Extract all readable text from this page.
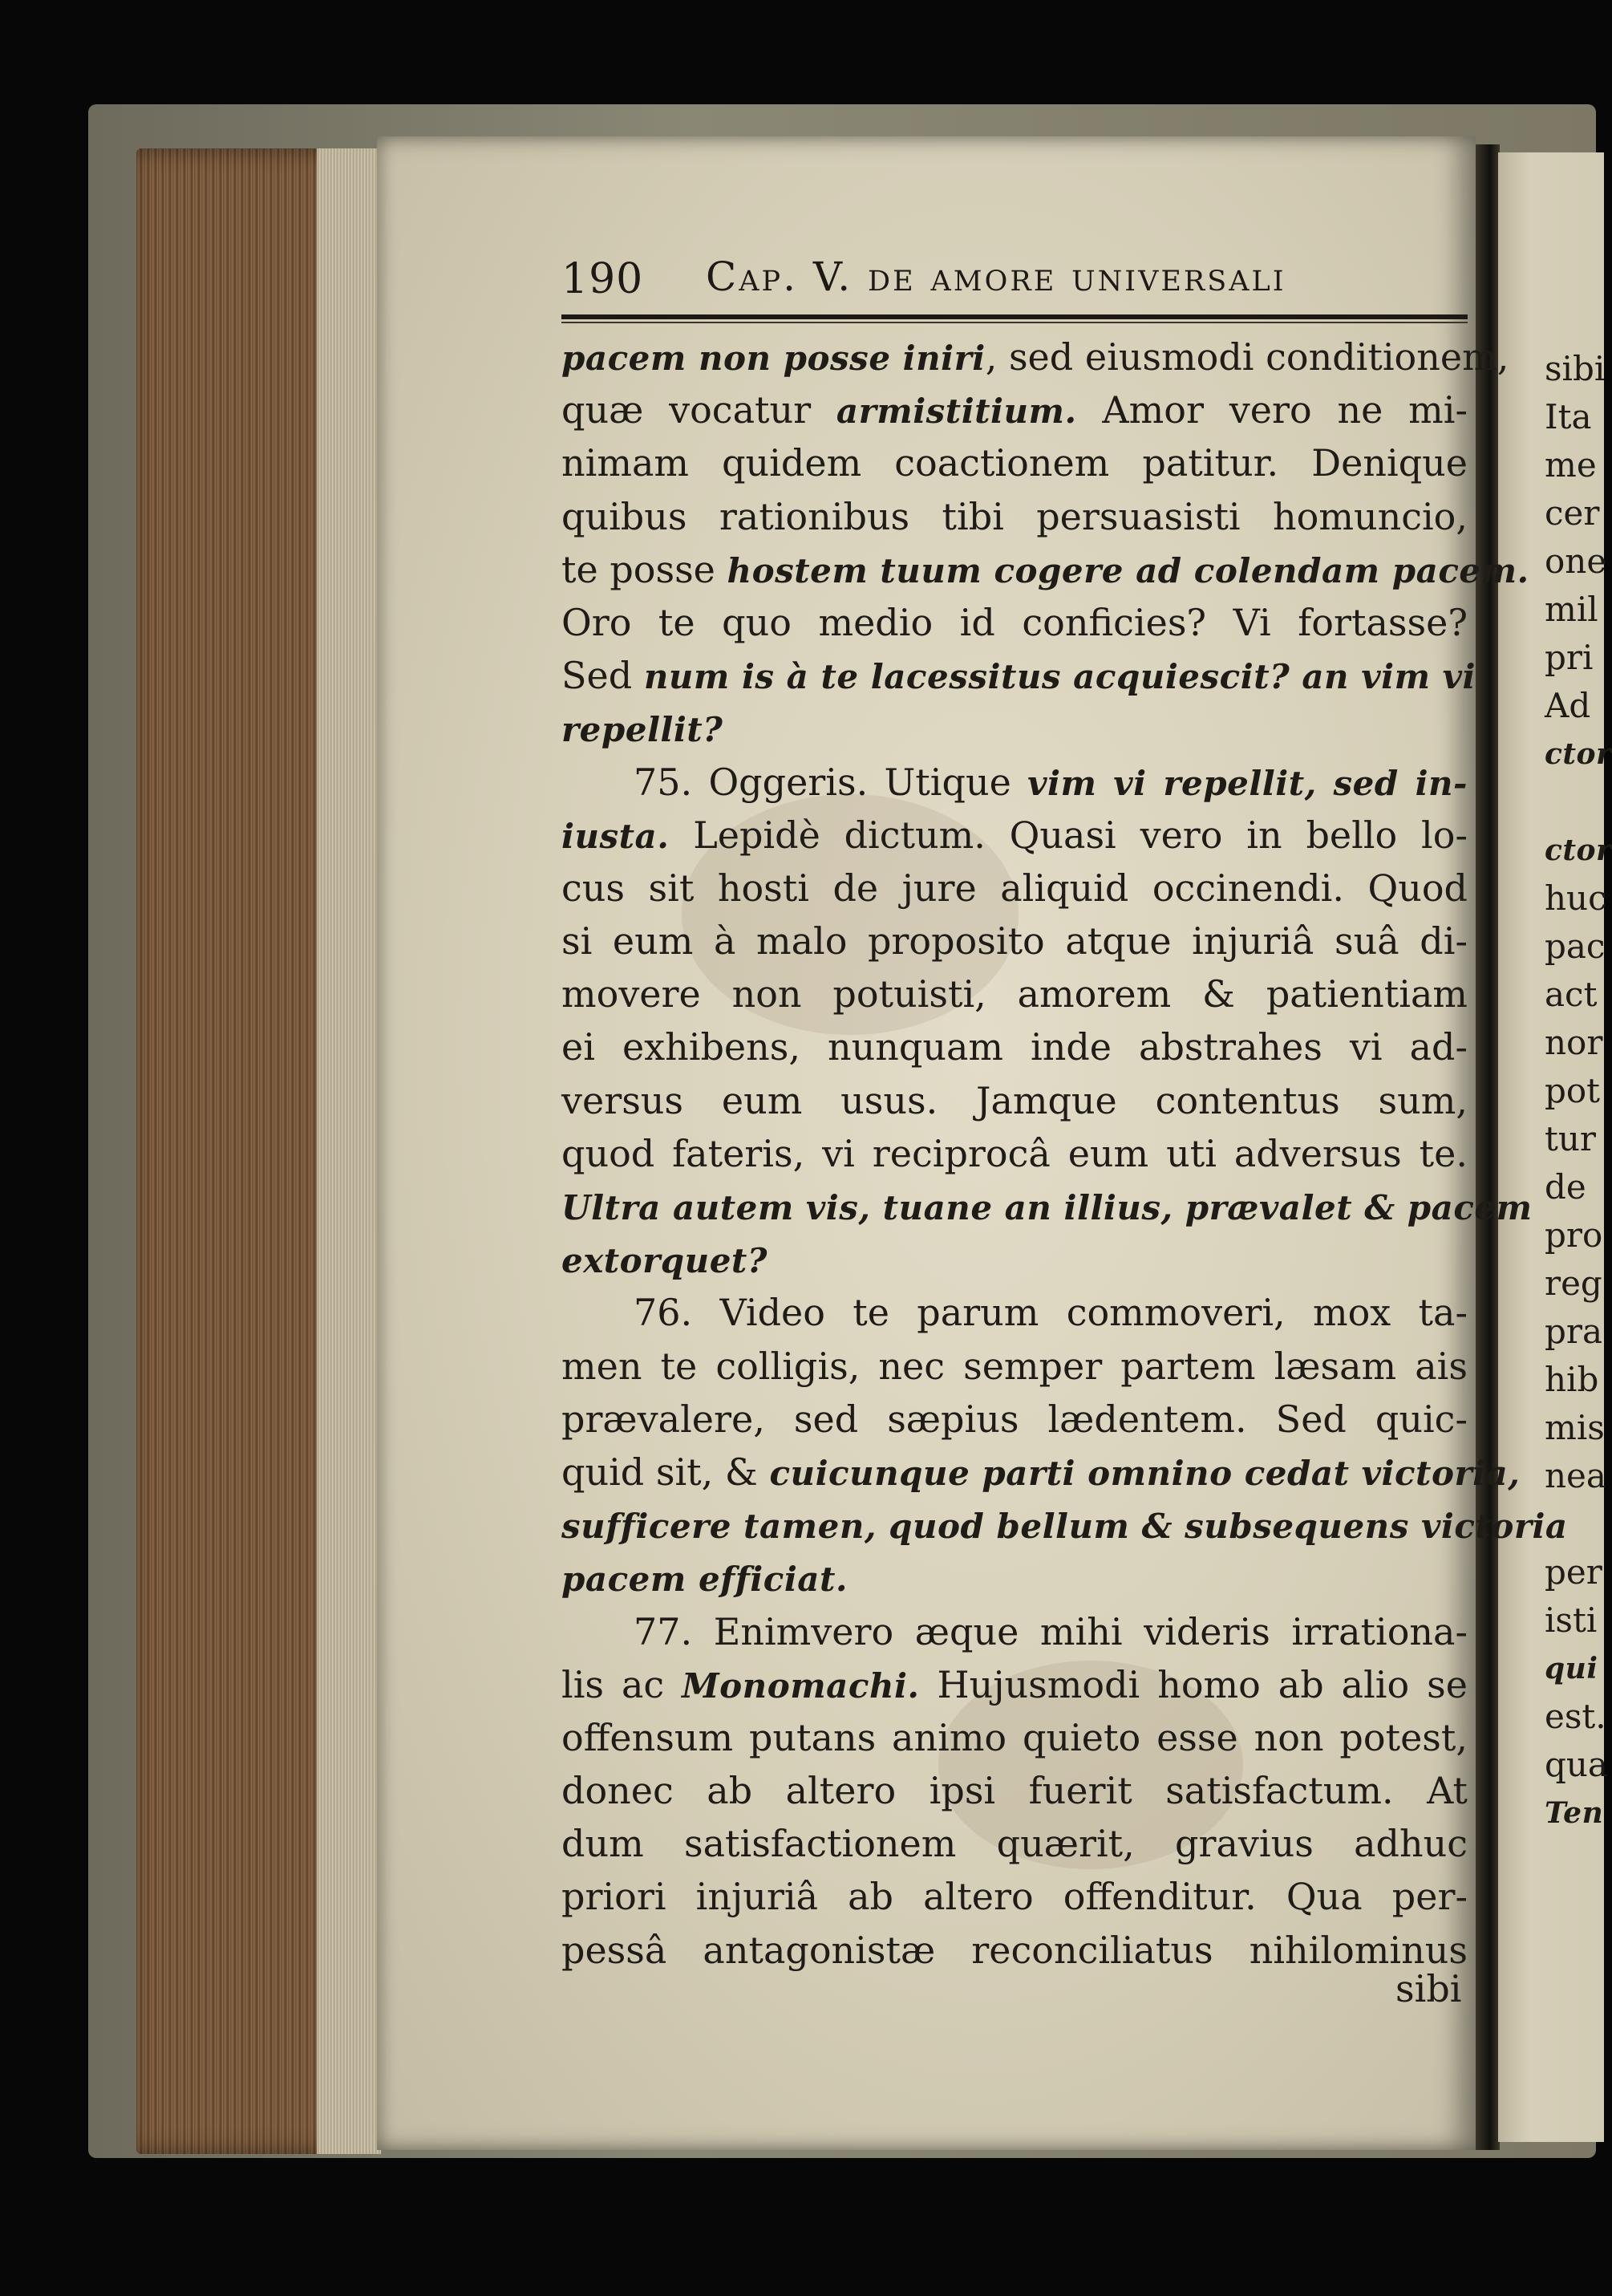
190 Cap. V. de amore universali
pacem non posse iniri, sed eiusmodi conditionem,
quæ vocatur armistitium. Amor vero ne mi-
nimam quidem coactionem patitur. Denique
quibus rationibus tibi persuasisti homuncio,
te posse hostem tuum cogere ad colendam pacem.
Oro te quo medio id conficies? Vi fortasse?
Sed num is à te lacessitus acquiescit? an vim vi
repellit?
75. Oggeris. Utique vim vi repellit, sed in-
iusta. Lepidè dictum. Quasi vero in bello lo-
cus sit hosti de jure aliquid occinendi. Quod
si eum à malo proposito atque injuriâ suâ di-
movere non potuisti, amorem & patientiam
ei exhibens, nunquam inde abstrahes vi ad-
versus eum usus. Jamque contentus sum,
quod fateris, vi reciprocâ eum uti adversus te.
Ultra autem vis, tuane an illius, prævalet & pacem
extorquet?
76. Video te parum commoveri, mox ta-
men te colligis, nec semper partem læsam ais
prævalere, sed sæpius lædentem. Sed quic-
quid sit, & cuicunque parti omnino cedat victoria,
sufficere tamen, quod bellum & subsequens victoria
pacem efficiat.
77. Enimvero æque mihi videris irrationa-
lis ac Monomachi. Hujusmodi homo ab alio se
offensum putans animo quieto esse non potest,
donec ab altero ipsi fuerit satisfactum. At
dum satisfactionem quærit, gravius adhuc
priori injuriâ ab altero offenditur. Qua per-
pessâ antagonistæ reconciliatus nihilominus
sibi
sibi
Ita
me
cer
one
mil
pri
Ad
ctor
ctor
huc
pac
act
nor
pot
tur
de
pro
reg
pra
hib
mis
nea
per
isti
qui
est.
qua
Ten
